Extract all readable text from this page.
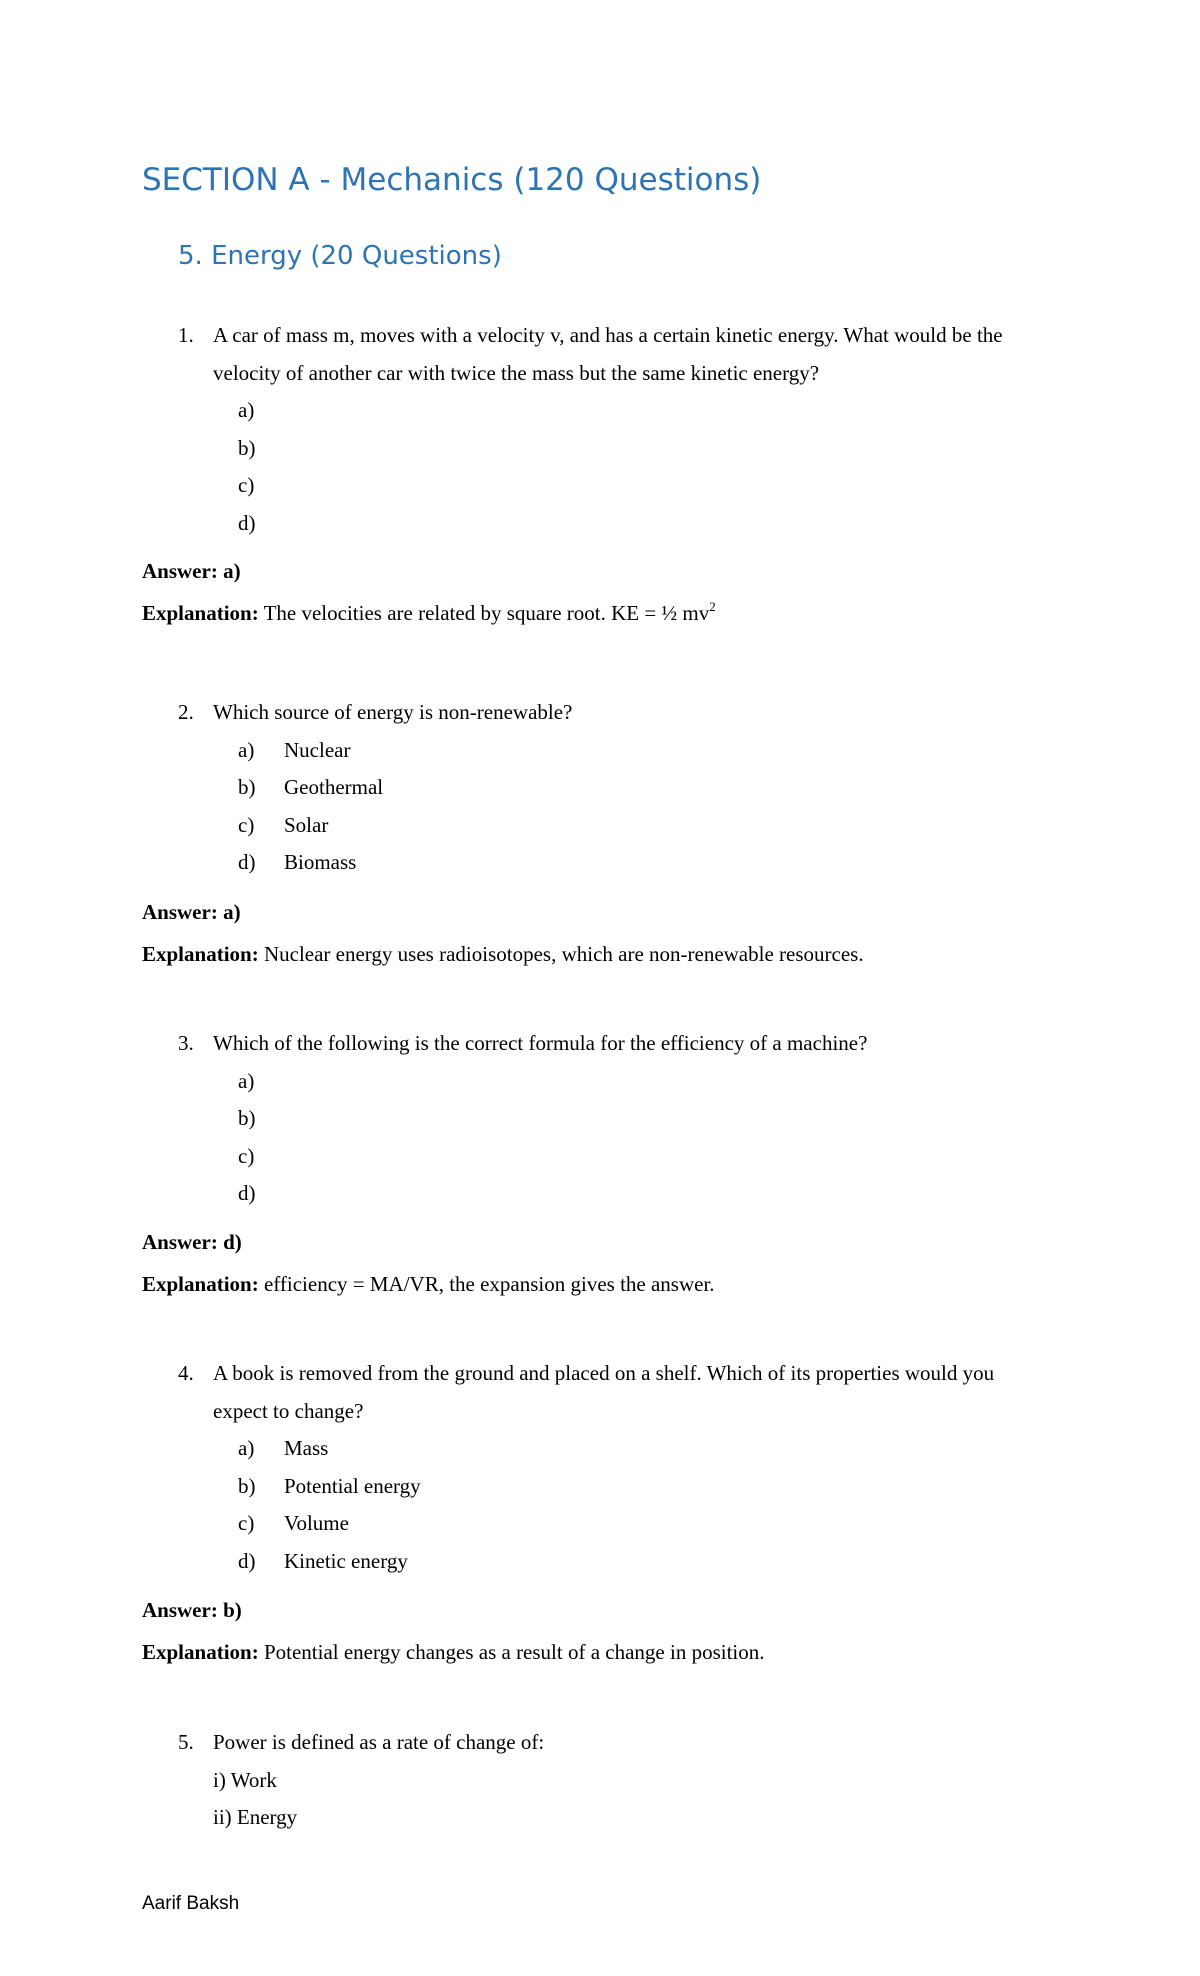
SECTION A - Mechanics (120 Questions)
5. Energy (20 Questions)
1. A car of mass m, moves with a velocity v, and has a certain kinetic energy. What would be the
velocity of another car with twice the mass but the same kinetic energy?
a)
b)
c)
d)

Answer: a)

Explanation: The velocities are related by square root. KE = ½ $mv^2$

2. Which source of energy is non-renewable?
a) Nuclear
b) Geothermal
c) Solar
d) Biomass

Answer: a)

Explanation: Nuclear energy uses radioisotopes, which are non-renewable resources.

3. Which of the following is the correct formula for the efficiency of a machine?
a)
b)
c)
d)

Answer: d)

Explanation: efficiency = MA/VR, the expansion gives the answer.

4. A book is removed from the ground and placed on a shelf. Which of its properties would you
expect to change?
a) Mass
b) Potential energy
c) Volume
d) Kinetic energy

Answer: b)

Explanation: Potential energy changes as a result of a change in position.

5. Power is defined as a rate of change of:
i) Work
ii) Energy
Aarif Baksh
